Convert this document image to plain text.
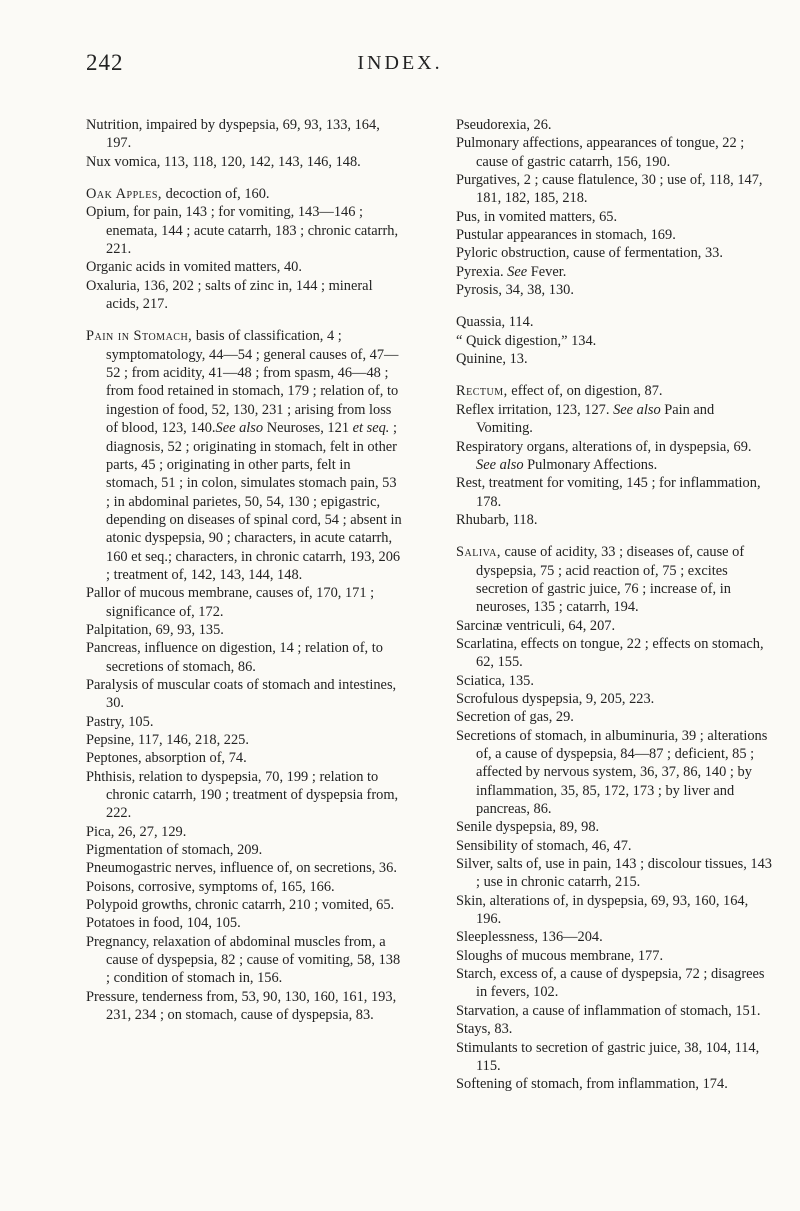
242	INDEX.

Nutrition, impaired by dyspepsia, 69, 93, 133, 164, 197.

Nux vomica, 113, 118, 120, 142, 143, 146, 148.

Oak Apples, decoction of, 160.

Opium, for pain, 143 ; for vomiting, 143—146 ; enemata, 144 ; acute catarrh, 183 ; chronic catarrh, 221.

Organic acids in vomited matters, 40.

Oxaluria, 136, 202 ; salts of zinc in, 144 ; mineral acids, 217.

Pain in Stomach, basis of classification, 4 ; symptomatology, 44—54 ; general causes of, 47—52 ; from acidity, 41—48 ; from spasm, 46—48 ; from food retained in stomach, 179 ; relation of, to ingestion of food, 52, 130, 231 ; arising from loss of blood, 123, 140.See also Neuroses, 121 et seq. ; diagnosis, 52 ; originating in stomach, felt in other parts, 45 ; originating in other parts, felt in stomach, 51 ; in colon, simulates stomach pain, 53 ; in abdominal parietes, 50, 54, 130 ; epigastric, depending on diseases of spinal cord, 54 ; absent in atonic dyspepsia, 90 ; characters, in acute catarrh, 160 et seq.; characters, in chronic catarrh, 193, 206 ; treatment of, 142, 143, 144, 148.

Pallor of mucous membrane, causes of, 170, 171 ; significance of, 172.

Palpitation, 69, 93, 135.

Pancreas, influence on digestion, 14 ; relation of, to secretions of stomach, 86.

Paralysis of muscular coats of stomach and intestines, 30.

Pastry, 105.

Pepsine, 117, 146, 218, 225.

Peptones, absorption of, 74.

Phthisis, relation to dyspepsia, 70, 199 ; relation to chronic catarrh, 190 ; treatment of dyspepsia from, 222.

Pica, 26, 27, 129.

Pigmentation of stomach, 209.

Pneumogastric nerves, influence of, on secretions, 36.

Poisons, corrosive, symptoms of, 165, 166.

Polypoid growths, chronic catarrh, 210 ; vomited, 65.

Potatoes in food, 104, 105.

Pregnancy, relaxation of abdominal muscles from, a cause of dyspepsia, 82 ; cause of vomiting, 58, 138 ; condition of stomach in, 156.

Pressure, tenderness from, 53, 90, 130, 160, 161, 193, 231, 234 ; on stomach, cause of dyspepsia, 83.

Pseudorexia, 26.

Pulmonary affections, appearances of tongue, 22 ; cause of gastric catarrh, 156, 190.

Purgatives, 2 ; cause flatulence, 30 ; use of, 118, 147, 181, 182, 185, 218.

Pus, in vomited matters, 65.

Pustular appearances in stomach, 169.

Pyloric obstruction, cause of fermentation, 33.

Pyrexia. See Fever.

Pyrosis, 34, 38, 130.

Quassia, 114.

“ Quick digestion,” 134.

Quinine, 13.

Rectum, effect of, on digestion, 87.

Reflex irritation, 123, 127. See also Pain and Vomiting.

Respiratory organs, alterations of, in dyspepsia, 69. See also Pulmonary Affections.

Rest, treatment for vomiting, 145 ; for inflammation, 178.

Rhubarb, 118.

Saliva, cause of acidity, 33 ; diseases of, cause of dyspepsia, 75 ; acid reaction of, 75 ; excites secretion of gastric juice, 76 ; increase of, in neuroses, 135 ; catarrh, 194.

Sarcinæ ventriculi, 64, 207.

Scarlatina, effects on tongue, 22 ; effects on stomach, 62, 155.

Sciatica, 135.

Scrofulous dyspepsia, 9, 205, 223.

Secretion of gas, 29.

Secretions of stomach, in albuminuria, 39 ; alterations of, a cause of dyspepsia, 84—87 ; deficient, 85 ; affected by nervous system, 36, 37, 86, 140 ; by inflammation, 35, 85, 172, 173 ; by liver and pancreas, 86.

Senile dyspepsia, 89, 98.

Sensibility of stomach, 46, 47.

Silver, salts of, use in pain, 143 ; discolour tissues, 143 ; use in chronic catarrh, 215.

Skin, alterations of, in dyspepsia, 69, 93, 160, 164, 196.

Sleeplessness, 136—204.

Sloughs of mucous membrane, 177.

Starch, excess of, a cause of dyspepsia, 72 ; disagrees in fevers, 102.

Starvation, a cause of inflammation of stomach, 151.

Stays, 83.

Stimulants to secretion of gastric juice, 38, 104, 114, 115.

Softening of stomach, from inflammation, 174.
